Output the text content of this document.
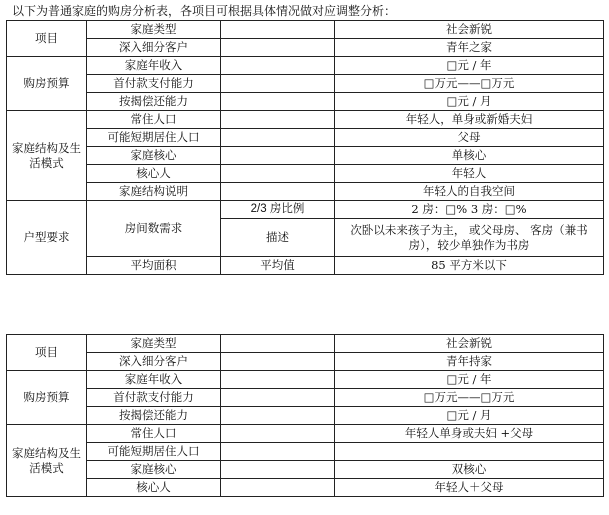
以下为普通家庭的购房分析表，各项目可根据具体情况做对应调整分析：
项目	家庭类型		社会新锐
	深入细分客户		青年之家
购房预算	家庭年收入		□元 / 年
	首付款支付能力		□万元——□万元
	按揭偿还能力		□元 / 月
家庭结构及生活模式	常住人口		年轻人，单身或新婚夫妇
	可能短期居住人口		父母
	家庭核心		单核心
	核心人		年轻人
	家庭结构说明		年轻人的自我空间
户型要求	房间数需求	2/3 房比例	2 房：□% 3 房：□%
		描述	次卧以未来孩子为主， 或父母房、 客房（兼书房），较少单独作为书房
	平均面积	平均值	85 平方米以下
项目	家庭类型		社会新锐
	深入细分客户		青年持家
购房预算	家庭年收入		□元 / 年
	首付款支付能力		□万元——□万元
	按揭偿还能力		□元 / 月
家庭结构及生活模式	常住人口		年轻人单身或夫妇 +父母
	可能短期居住人口		
	家庭核心		双核心
	核心人		年轻人＋父母
